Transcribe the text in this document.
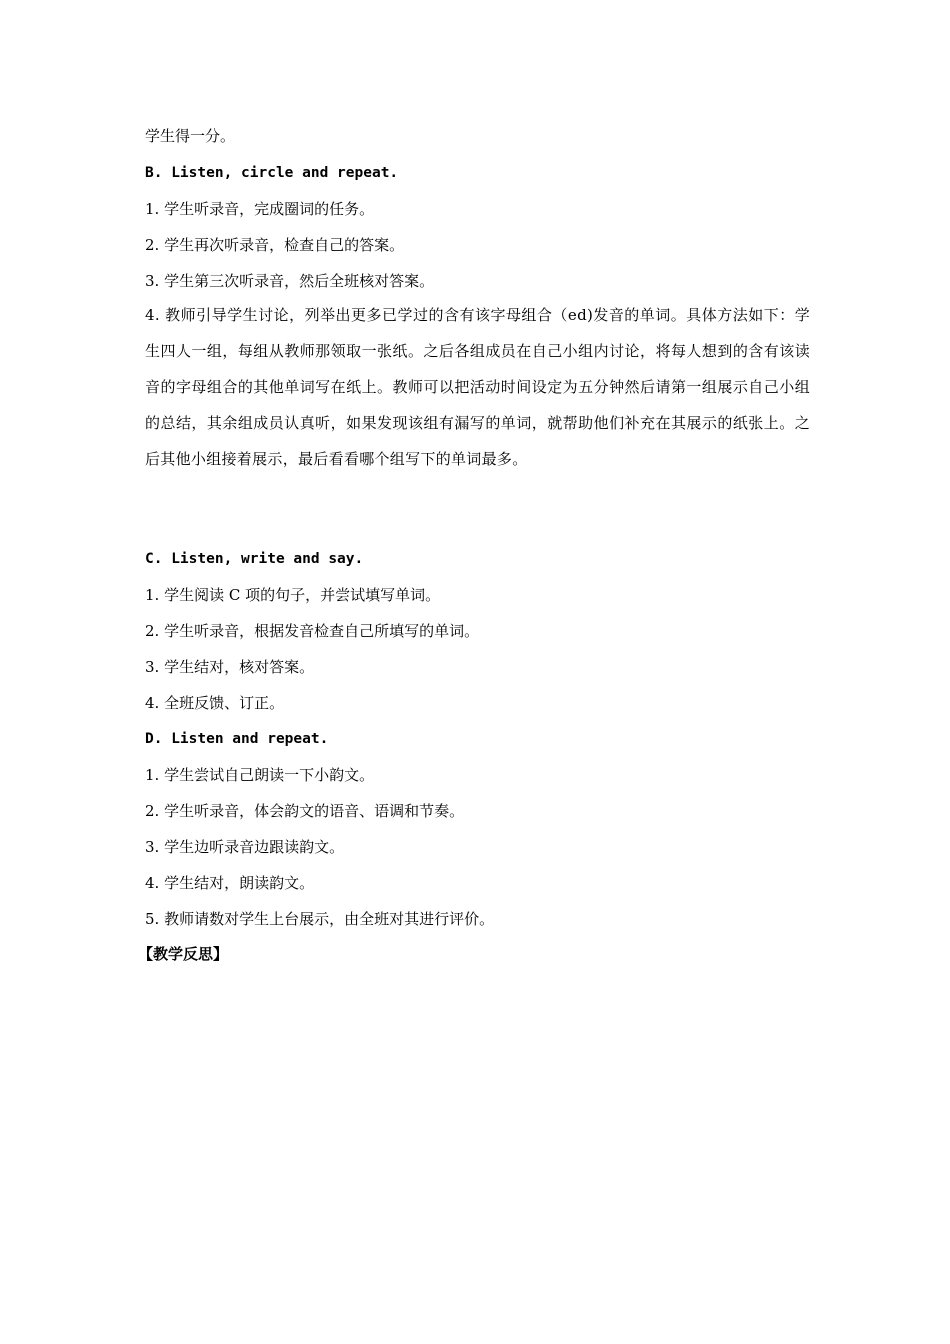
学生得一分。
B. Listen, circle and repeat.
1. 学生听录音，完成圈词的任务。
2. 学生再次听录音，检查自己的答案。
3. 学生第三次听录音，然后全班核对答案。
4. 教师引导学生讨论，列举出更多已学过的含有该字母组合（ed)发音的单词。具体方法如下：学生四人一组，每组从教师那领取一张纸。之后各组成员在自己小组内讨论，将每人想到的含有该读音的字母组合的其他单词写在纸上。教师可以把活动时间设定为五分钟然后请第一组展示自己小组的总结，其余组成员认真听，如果发现该组有漏写的单词，就帮助他们补充在其展示的纸张上。之后其他小组接着展示，最后看看哪个组写下的单词最多。
C. Listen, write and say.
1. 学生阅读 C 项的句子，并尝试填写单词。
2. 学生听录音，根据发音检查自己所填写的单词。
3. 学生结对，核对答案。
4. 全班反馈、订正。
D. Listen and repeat.
1. 学生尝试自己朗读一下小韵文。
2. 学生听录音，体会韵文的语音、语调和节奏。
3. 学生边听录音边跟读韵文。
4. 学生结对，朗读韵文。
5. 教师请数对学生上台展示，由全班对其进行评价。
【教学反思】
